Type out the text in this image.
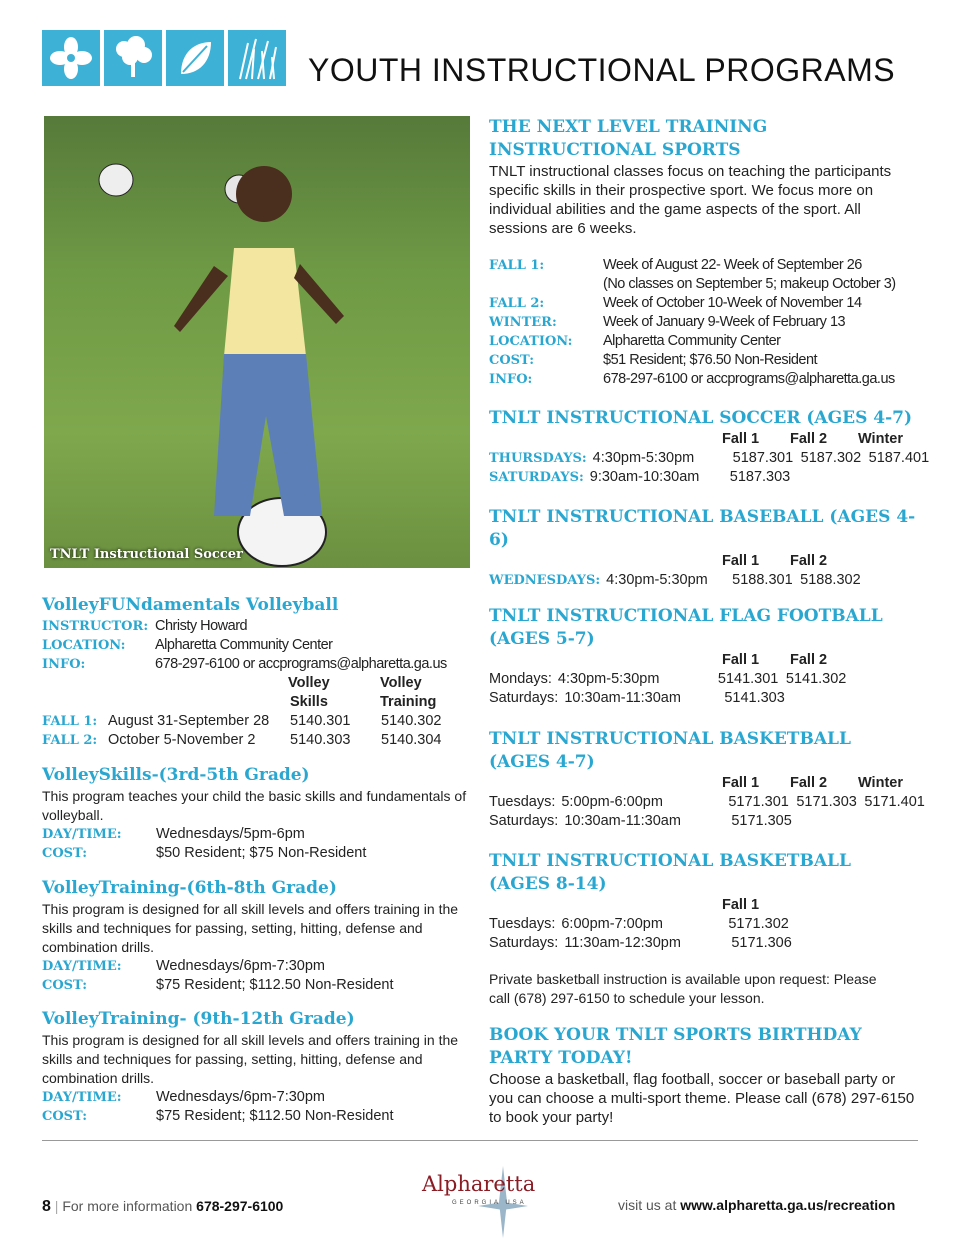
YOUTH INSTRUCTIONAL PROGRAMS
TNLT Instructional Soccer
THE NEXT LEVEL TRAINING
INSTRUCTIONAL SPORTS
TNLT instructional classes focus on teaching the participants specific skills in their prospective sport. We focus more on individual abilities and the game aspects of the sport. All sessions are 6 weeks.
FALL 1:	Week of August 22- Week of September 26
(No classes on September 5; makeup October 3)
FALL 2:	Week of October 10-Week of November 14
WINTER:	Week of January 9-Week of February 13
LOCATION:	Alpharetta Community Center
COST:	$51 Resident; $76.50 Non-Resident
INFO:	678-297-6100 or accprograms@alpharetta.ga.us
TNLT INSTRUCTIONAL SOCCER (AGES 4-7)
Fall 1	Fall 2	Winter
THURSDAYS: 4:30pm-5:30pm	5187.301 5187.302 5187.401
SATURDAYS: 9:30am-10:30am	5187.303
TNLT INSTRUCTIONAL BASEBALL (AGES 4-6)
Fall 1	Fall 2
WEDNESDAYS: 4:30pm-5:30pm	5188.301 5188.302
TNLT INSTRUCTIONAL FLAG FOOTBALL
(AGES 5-7)
Fall 1	Fall 2
Mondays: 4:30pm-5:30pm	5141.301 5141.302
Saturdays: 10:30am-11:30am	5141.303
TNLT INSTRUCTIONAL BASKETBALL
(AGES 4-7)
Fall 1	Fall 2	Winter
Tuesdays: 5:00pm-6:00pm	5171.301 5171.303 5171.401
Saturdays: 10:30am-11:30am	5171.305
TNLT INSTRUCTIONAL BASKETBALL
(AGES 8-14)
Fall 1
Tuesdays: 6:00pm-7:00pm	5171.302
Saturdays: 11:30am-12:30pm	5171.306
Private basketball instruction is available upon request: Please call (678) 297-6150 to schedule your lesson.
BOOK YOUR TNLT SPORTS BIRTHDAY
PARTY TODAY!
Choose a basketball, flag football, soccer or baseball party or you can choose a multi-sport theme. Please call (678) 297-6150 to book your party!
VolleyFUNdamentals Volleyball
INSTRUCTOR: Christy Howard
LOCATION:	Alpharetta Community Center
INFO:	678-297-6100 or accprograms@alpharetta.ga.us
Volley	Volley
Skills	Training
FALL 1: August 31-September 28	5140.301	5140.302
FALL 2: October 5-November 2	5140.303	5140.304
VolleySkills-(3rd-5th Grade)
This program teaches your child the basic skills and fundamentals of volleyball.
DAY/TIME:	Wednesdays/5pm-6pm
COST:	$50 Resident; $75 Non-Resident
VolleyTraining-(6th-8th Grade)
This program is designed for all skill levels and offers training in the skills and techniques for passing, setting, hitting, defense and combination drills.
DAY/TIME:	Wednesdays/6pm-7:30pm
COST:	$75 Resident; $112.50 Non-Resident
VolleyTraining- (9th-12th Grade)
This program is designed for all skill levels and offers training in the skills and techniques for passing, setting, hitting, defense and combination drills.
DAY/TIME:	Wednesdays/6pm-7:30pm
COST:	$75 Resident; $112.50 Non-Resident
8 | For more information 678-297-6100
Alpharetta
GEORGIA USA	visit us at www.alpharetta.ga.us/recreation
